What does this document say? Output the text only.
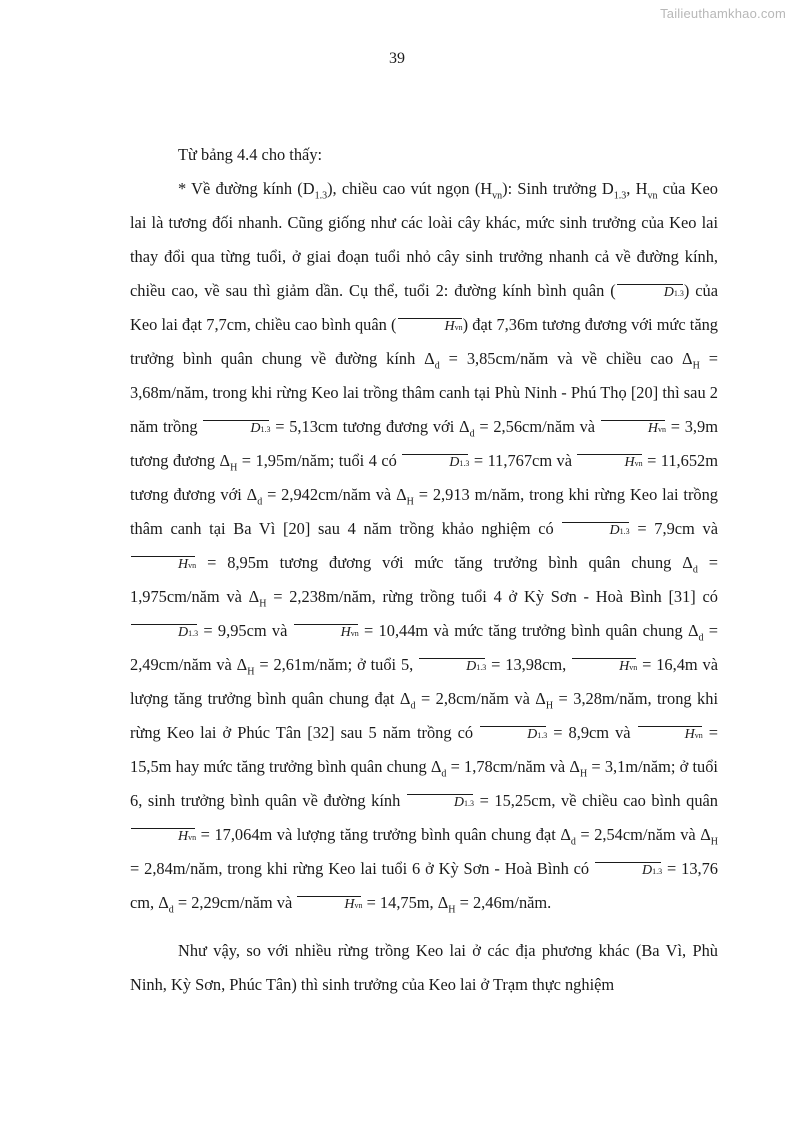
Tailieuthamkhao.com
39

Từ bảng 4.4 cho thấy:

* Về đường kính $(D_{1.3})$, chiều cao vút ngọn $(H_{vn})$: Sinh trưởng $D_{1.3}$, $H_{vn}$ của Keo lai là tương đối nhanh. Cũng giống như các loài cây khác, mức sinh trưởng của Keo lai thay đổi qua từng tuổi, ở giai đoạn tuổi nhỏ cây sinh trưởng nhanh cả về đường kính, chiều cao, về sau thì giảm dần. Cụ thể, tuổi 2: đường kính bình quân (	D1.3) của Keo lai đạt 7,7cm, chiều cao bình quân (	Hvn) đạt 7,36m tương đương với mức tăng trưởng bình quân chung về đường kính $\Delta_d$ = 3,85cm/năm và về chiều cao $\Delta_H$ = 3,68m/năm, trong khi rừng Keo lai trồng thâm canh tại Phù Ninh - Phú Thọ [20] thì sau 2 năm trồng	D1.3 = 5,13cm tương đương với $\Delta_d$ = 2,56cm/năm và	Hvn = 3,9m tương đương $\Delta_H$ = 1,95m/năm; tuổi 4 có	D1.3 = 11,767cm và	Hvn = 11,652m tương đương với $\Delta_d$ = 2,942cm/năm và $\Delta_H = 2,913$ m/năm, trong khi rừng Keo lai trồng thâm canh tại Ba Vì [20] sau 4 năm trồng khảo nghiệm có	D1.3 = 7,9cm và Hvn = 8,95m tương đương với mức tăng trưởng bình quân chung $\Delta_d$ = 1,975cm/năm và $\Delta_H$ = 2,238m/năm, rừng trồng tuổi 4 ở Kỳ Sơn - Hoà Bình [31] có D1.3 = 9,95cm và	Hvn = 10,44m và mức tăng trưởng bình quân chung $\Delta_d$ = 2,49cm/năm và $\Delta_H$ = 2,61m/năm; ở tuổi 5,	D1.3 = 13,98cm,	Hvn = 16,4m và lượng tăng trưởng bình quân chung đạt $\Delta_d$ = 2,8cm/năm và $\Delta_H$ = 3,28m/năm, trong khi rừng Keo lai ở Phúc Tân [32] sau 5 năm trồng có	D1.3 = 8,9cm và	Hvn = 15,5m hay mức tăng trưởng bình quân chung $\Delta_d$ = 1,78cm/năm và $\Delta_H$ = 3,1m/năm; ở tuổi 6, sinh trưởng bình quân về đường kính	D1.3 = 15,25cm, về chiều cao bình quân Hvn = 17,064m và lượng tăng trưởng bình quân chung đạt $\Delta_d$ = 2,54cm/năm và $\Delta_H$ = 2,84m/năm, trong khi rừng Keo lai tuổi 6 ở Kỳ Sơn - Hoà Bình có	D1.3 = 13,76 cm, $\Delta_d$ = 2,29cm/năm và	Hvn = 14,75m, $\Delta_H$ = 2,46m/năm.

Như vậy, so với nhiều rừng trồng Keo lai ở các địa phương khác (Ba Vì, Phù Ninh, Kỳ Sơn, Phúc Tân) thì sinh trưởng của Keo lai ở Trạm thực nghiệm
